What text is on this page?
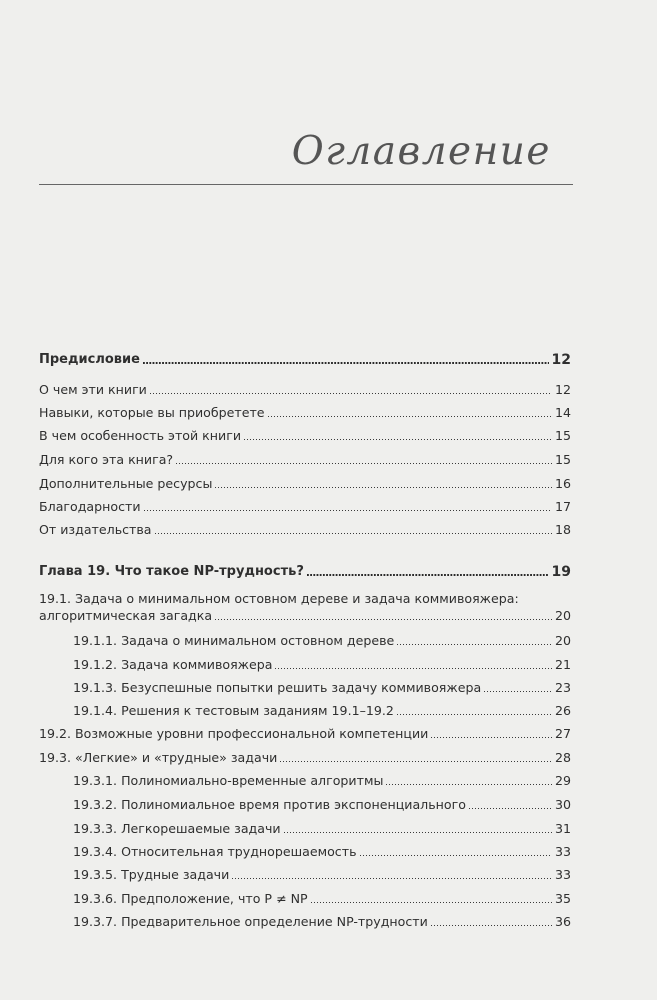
Оглавление
Предисловие	12
О чем эти книги	12
Навыки, которые вы приобретете	14
В чем особенность этой книги	15
Для кого эта книга?	15
Дополнительные ресурсы	16
Благодарности	17
От издательства	18
Глава 19. Что такое NP-трудность?	19
19.1. Задача о минимальном остовном дереве и задача коммивояжера:
алгоритмическая загадка	20
19.1.1. Задача о минимальном остовном дереве	20
19.1.2. Задача коммивояжера	21
19.1.3. Безуспешные попытки решить задачу коммивояжера	23
19.1.4. Решения к тестовым заданиям 19.1–19.2	26
19.2. Возможные уровни профессиональной компетенции	27
19.3. «Легкие» и «трудные» задачи	28
19.3.1. Полиномиально-временные алгоритмы	29
19.3.2. Полиномиальное время против экспоненциального	30
19.3.3. Легкорешаемые задачи	31
19.3.4. Относительная труднорешаемость	33
19.3.5. Трудные задачи	33
19.3.6. Предположение, что P ≠ NP	35
19.3.7. Предварительное определение NP-трудности	36
